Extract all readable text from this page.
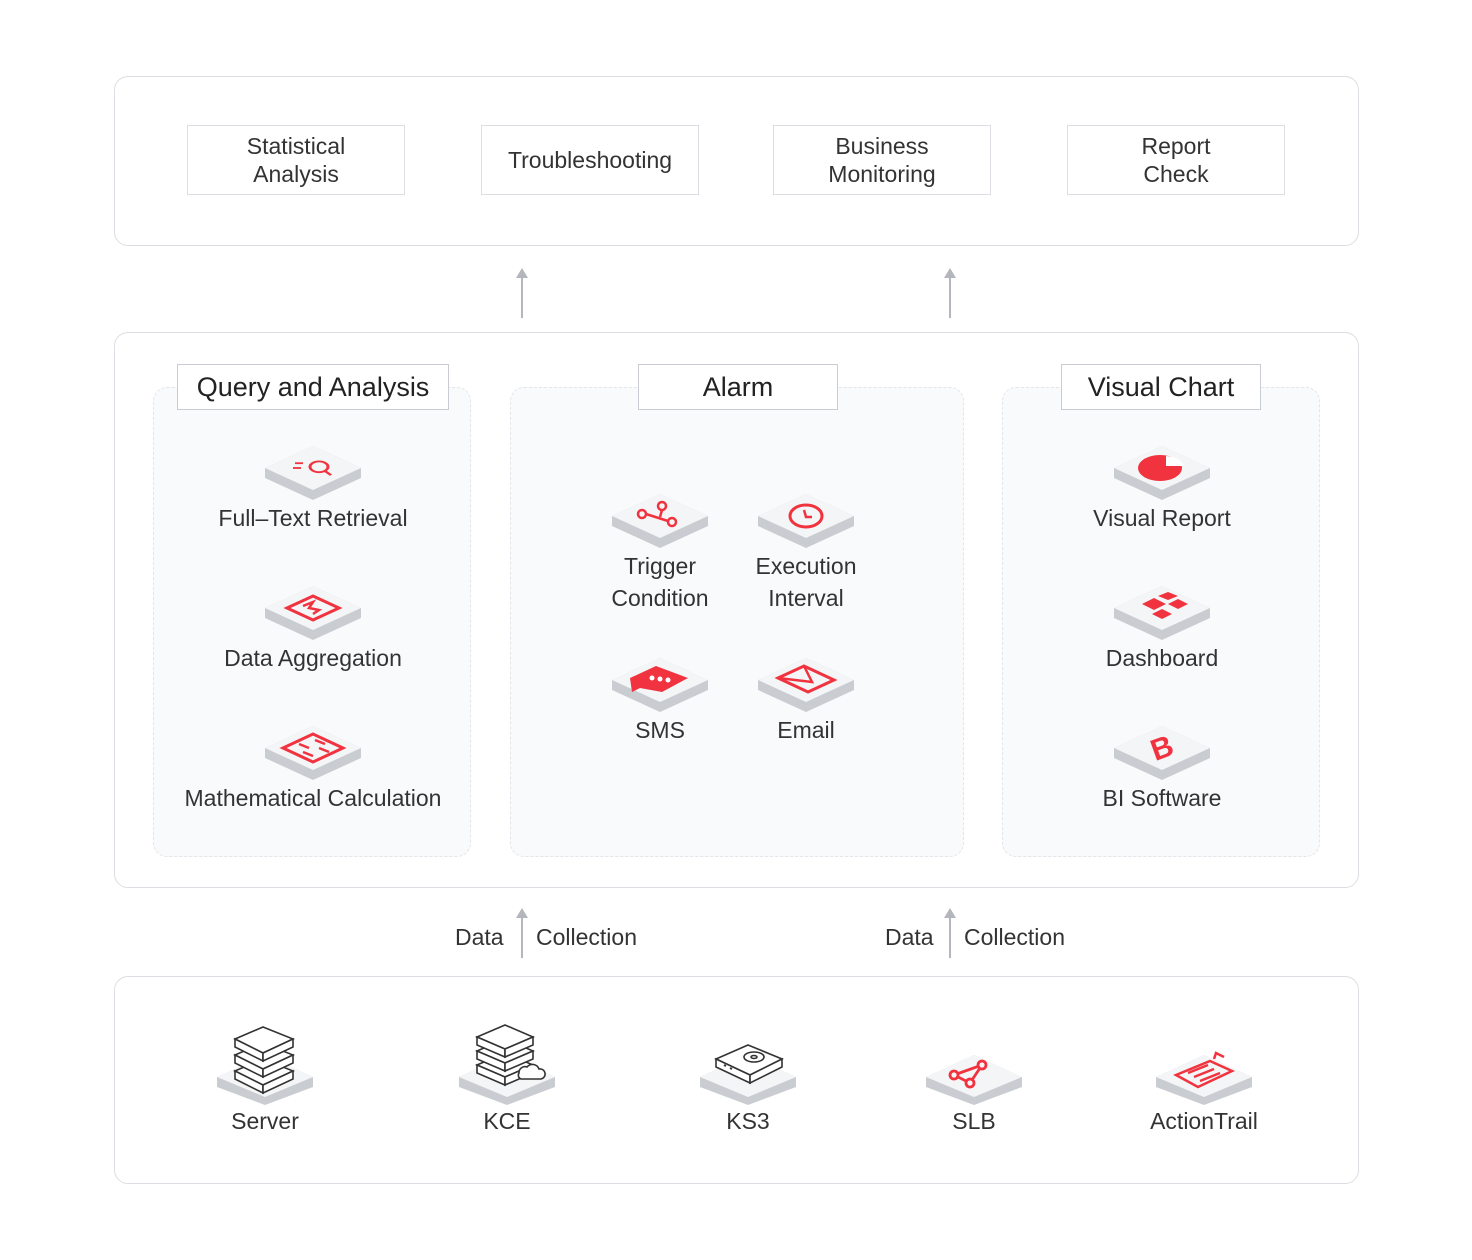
Statistical
Analysis
Troubleshooting
Business
Monitoring
Report
Check
Query and Analysis
Full–Text Retrieval
Data Aggregation
Mathematical Calculation
Alarm
Trigger
Condition
Execution
Interval
SMS	Email
Visual Chart
Visual Report
Dashboard
B
BI Software
Data Collection	Data Collection
Server	KCE	KS3	SLB	ActionTrail
